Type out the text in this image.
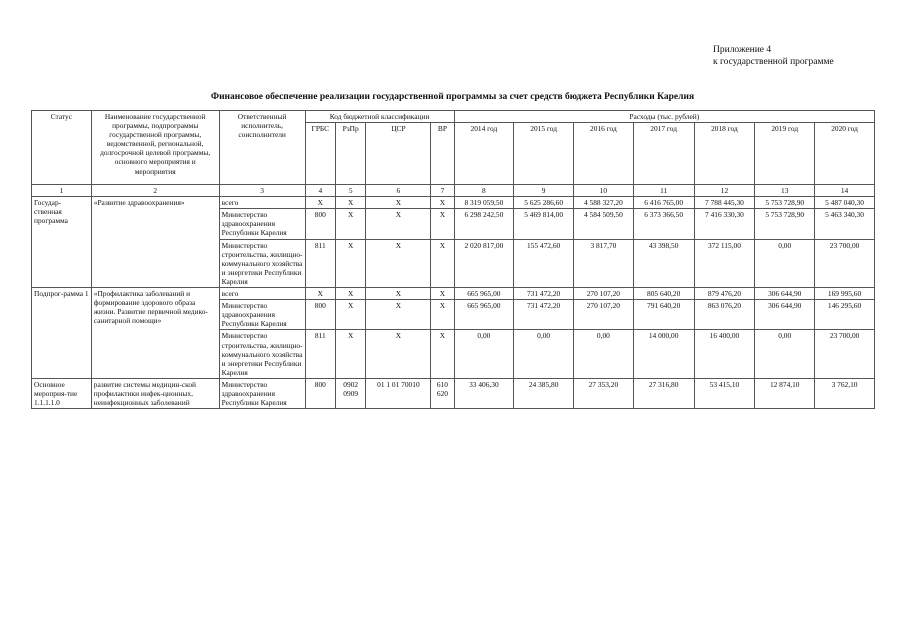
Приложение 4
к государственной программе
Финансовое обеспечение реализации государственной программы за счет средств бюджета Республики Карелия
Статус	Наименование государственной программы, подпрограммы государственной программы, ведомственной, региональной, долгосрочной целевой программы, основного мероприятия и мероприятия	Ответственный исполнитель, соисполнители	Код бюджетной классификации				Расходы (тыс. рублей)						
			ГРБС	РзПр	ЦСР	ВР	2014 год	2015 год	2016 год	2017 год	2018 год	2019 год	2020 год
1	2	3	4	5	6	7	8	9	10	11	12	13	14
Государ-ственная программа	«Развитие здравоохранения»	всего	X	X	X	X	8 319 059,50	5 625 286,60	4 588 327,20	6 416 765,00	7 788 445,30	5 753 728,90	5 487 040,30
		Министерство здравоохранения Республики Карелия	800	X	X	X	6 298 242,50	5 469 814,00	4 584 509,50	6 373 366,50	7 416 330,30	5 753 728,90	5 463 340,30
		Министерство строительства, жилищно-коммунального хозяйства и энергетики Республики Карелия	811	X	X	X	2 020 817,00	155 472,60	3 817,70	43 398,50	372 115,00	0,00	23 700,00
Подпрог-рамма 1	«Профилактика заболеваний и формирование здорового образа жизни. Развитие первичной медико-санитарной помощи»	всего	X	X	X	X	665 965,00	731 472,20	270 107,20	805 640,20	879 476,20	306 644,90	169 995,60
		Министерство здравоохранения Республики Карелия	800	X	X	X	665 965,00	731 472,20	270 107,20	791 640,20	863 076,20	306 644,90	146 295,60
		Министерство строительства, жилищно-коммунального хозяйства и энергетики Республики Карелия	811	X	X	X	0,00	0,00	0,00	14 000,00	16 400,00	0,00	23 700,00
Основное мероприя-тие 1.1.1.1.0	развитие системы медицин-ской профилактики инфек-ционных, неинфекционных заболеваний	Министерство здравоохранения Республики Карелия	800	0902 0909	01 1 01 70010	610 620	33 406,30	24 385,80	27 353,20	27 316,80	53 415,10	12 874,10	3 762,10
